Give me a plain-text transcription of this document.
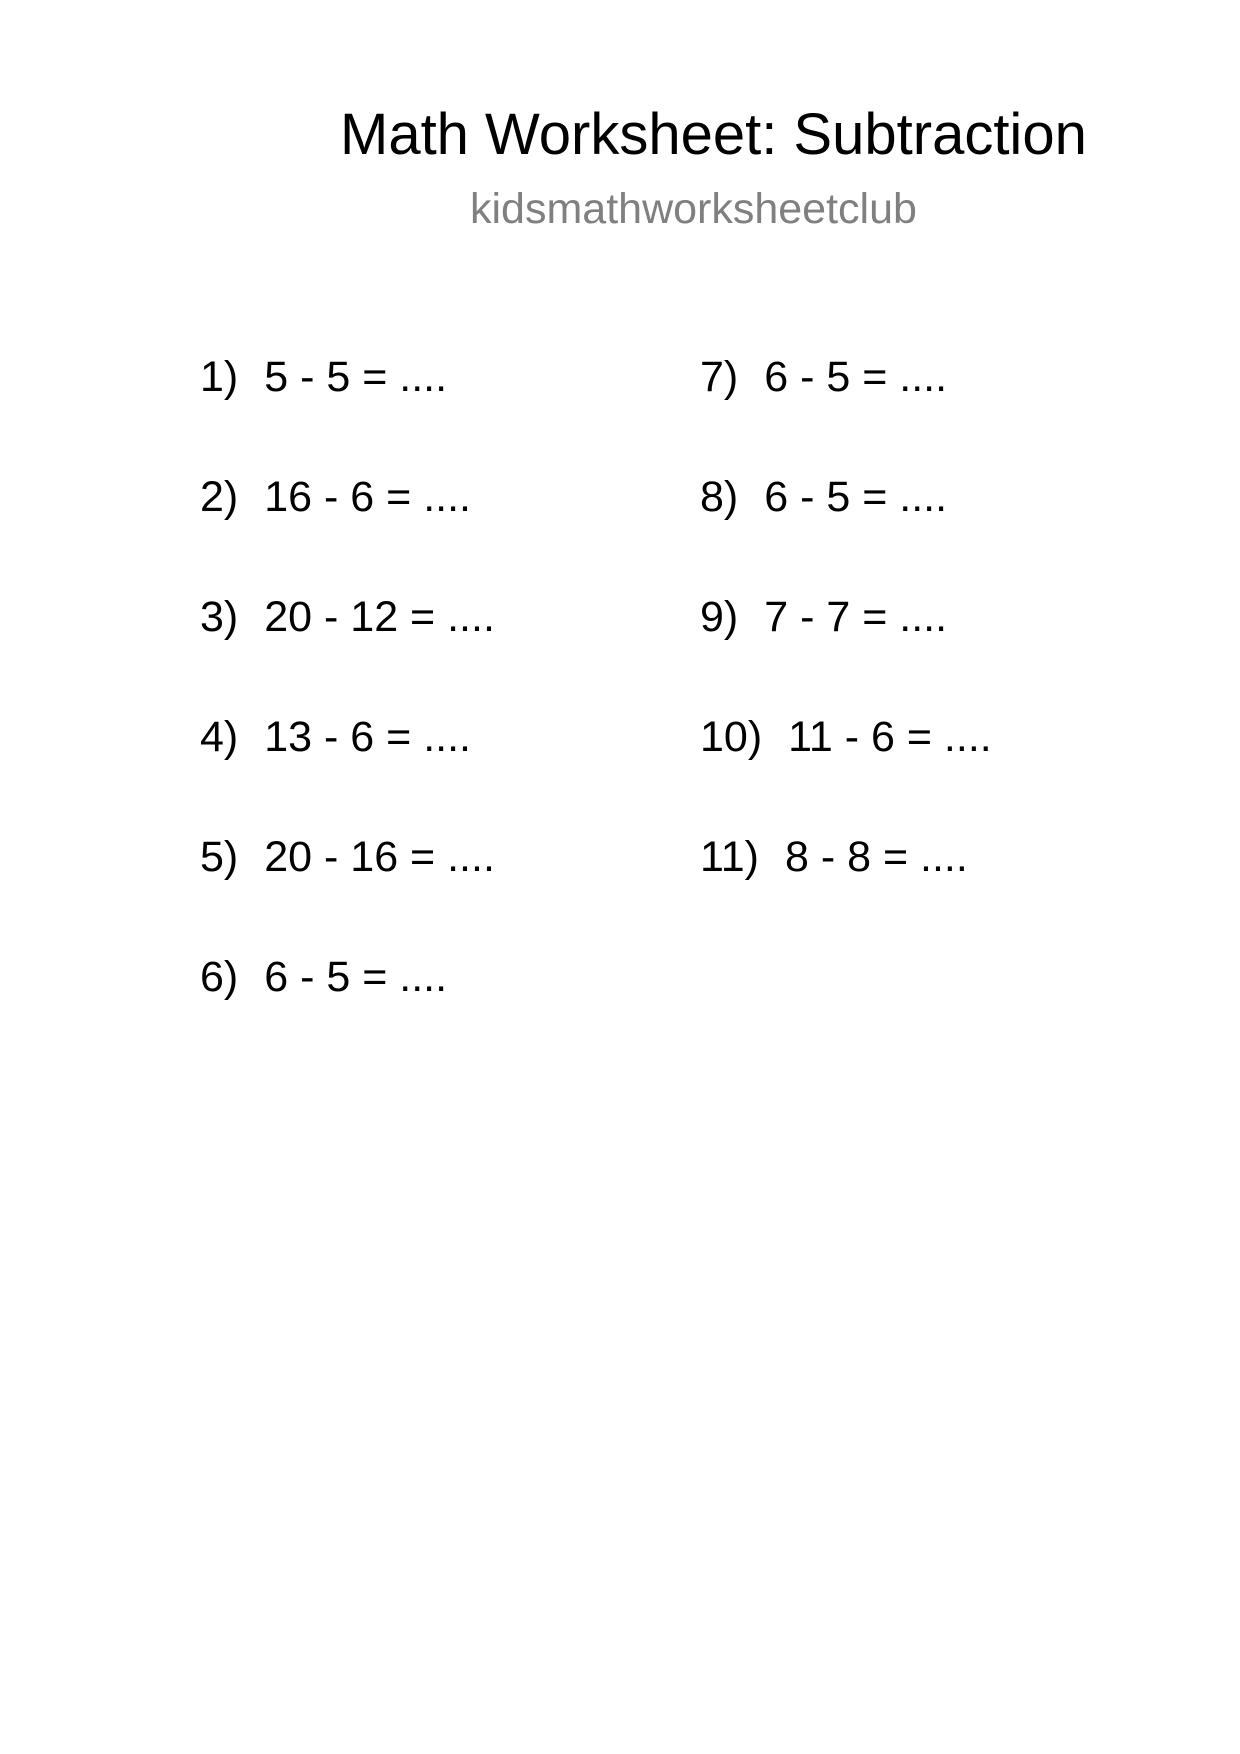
Math Worksheet: Subtraction
kidsmathworksheetclub
1) 5 - 5 = ....
2) 16 - 6 = ....
3) 20 - 12 = ....
4) 13 - 6 = ....
5) 20 - 16 = ....
6) 6 - 5 = ....
7) 6 - 5 = ....
8) 6 - 5 = ....
9) 7 - 7 = ....
10) 11 - 6 = ....
11) 8 - 8 = ....
